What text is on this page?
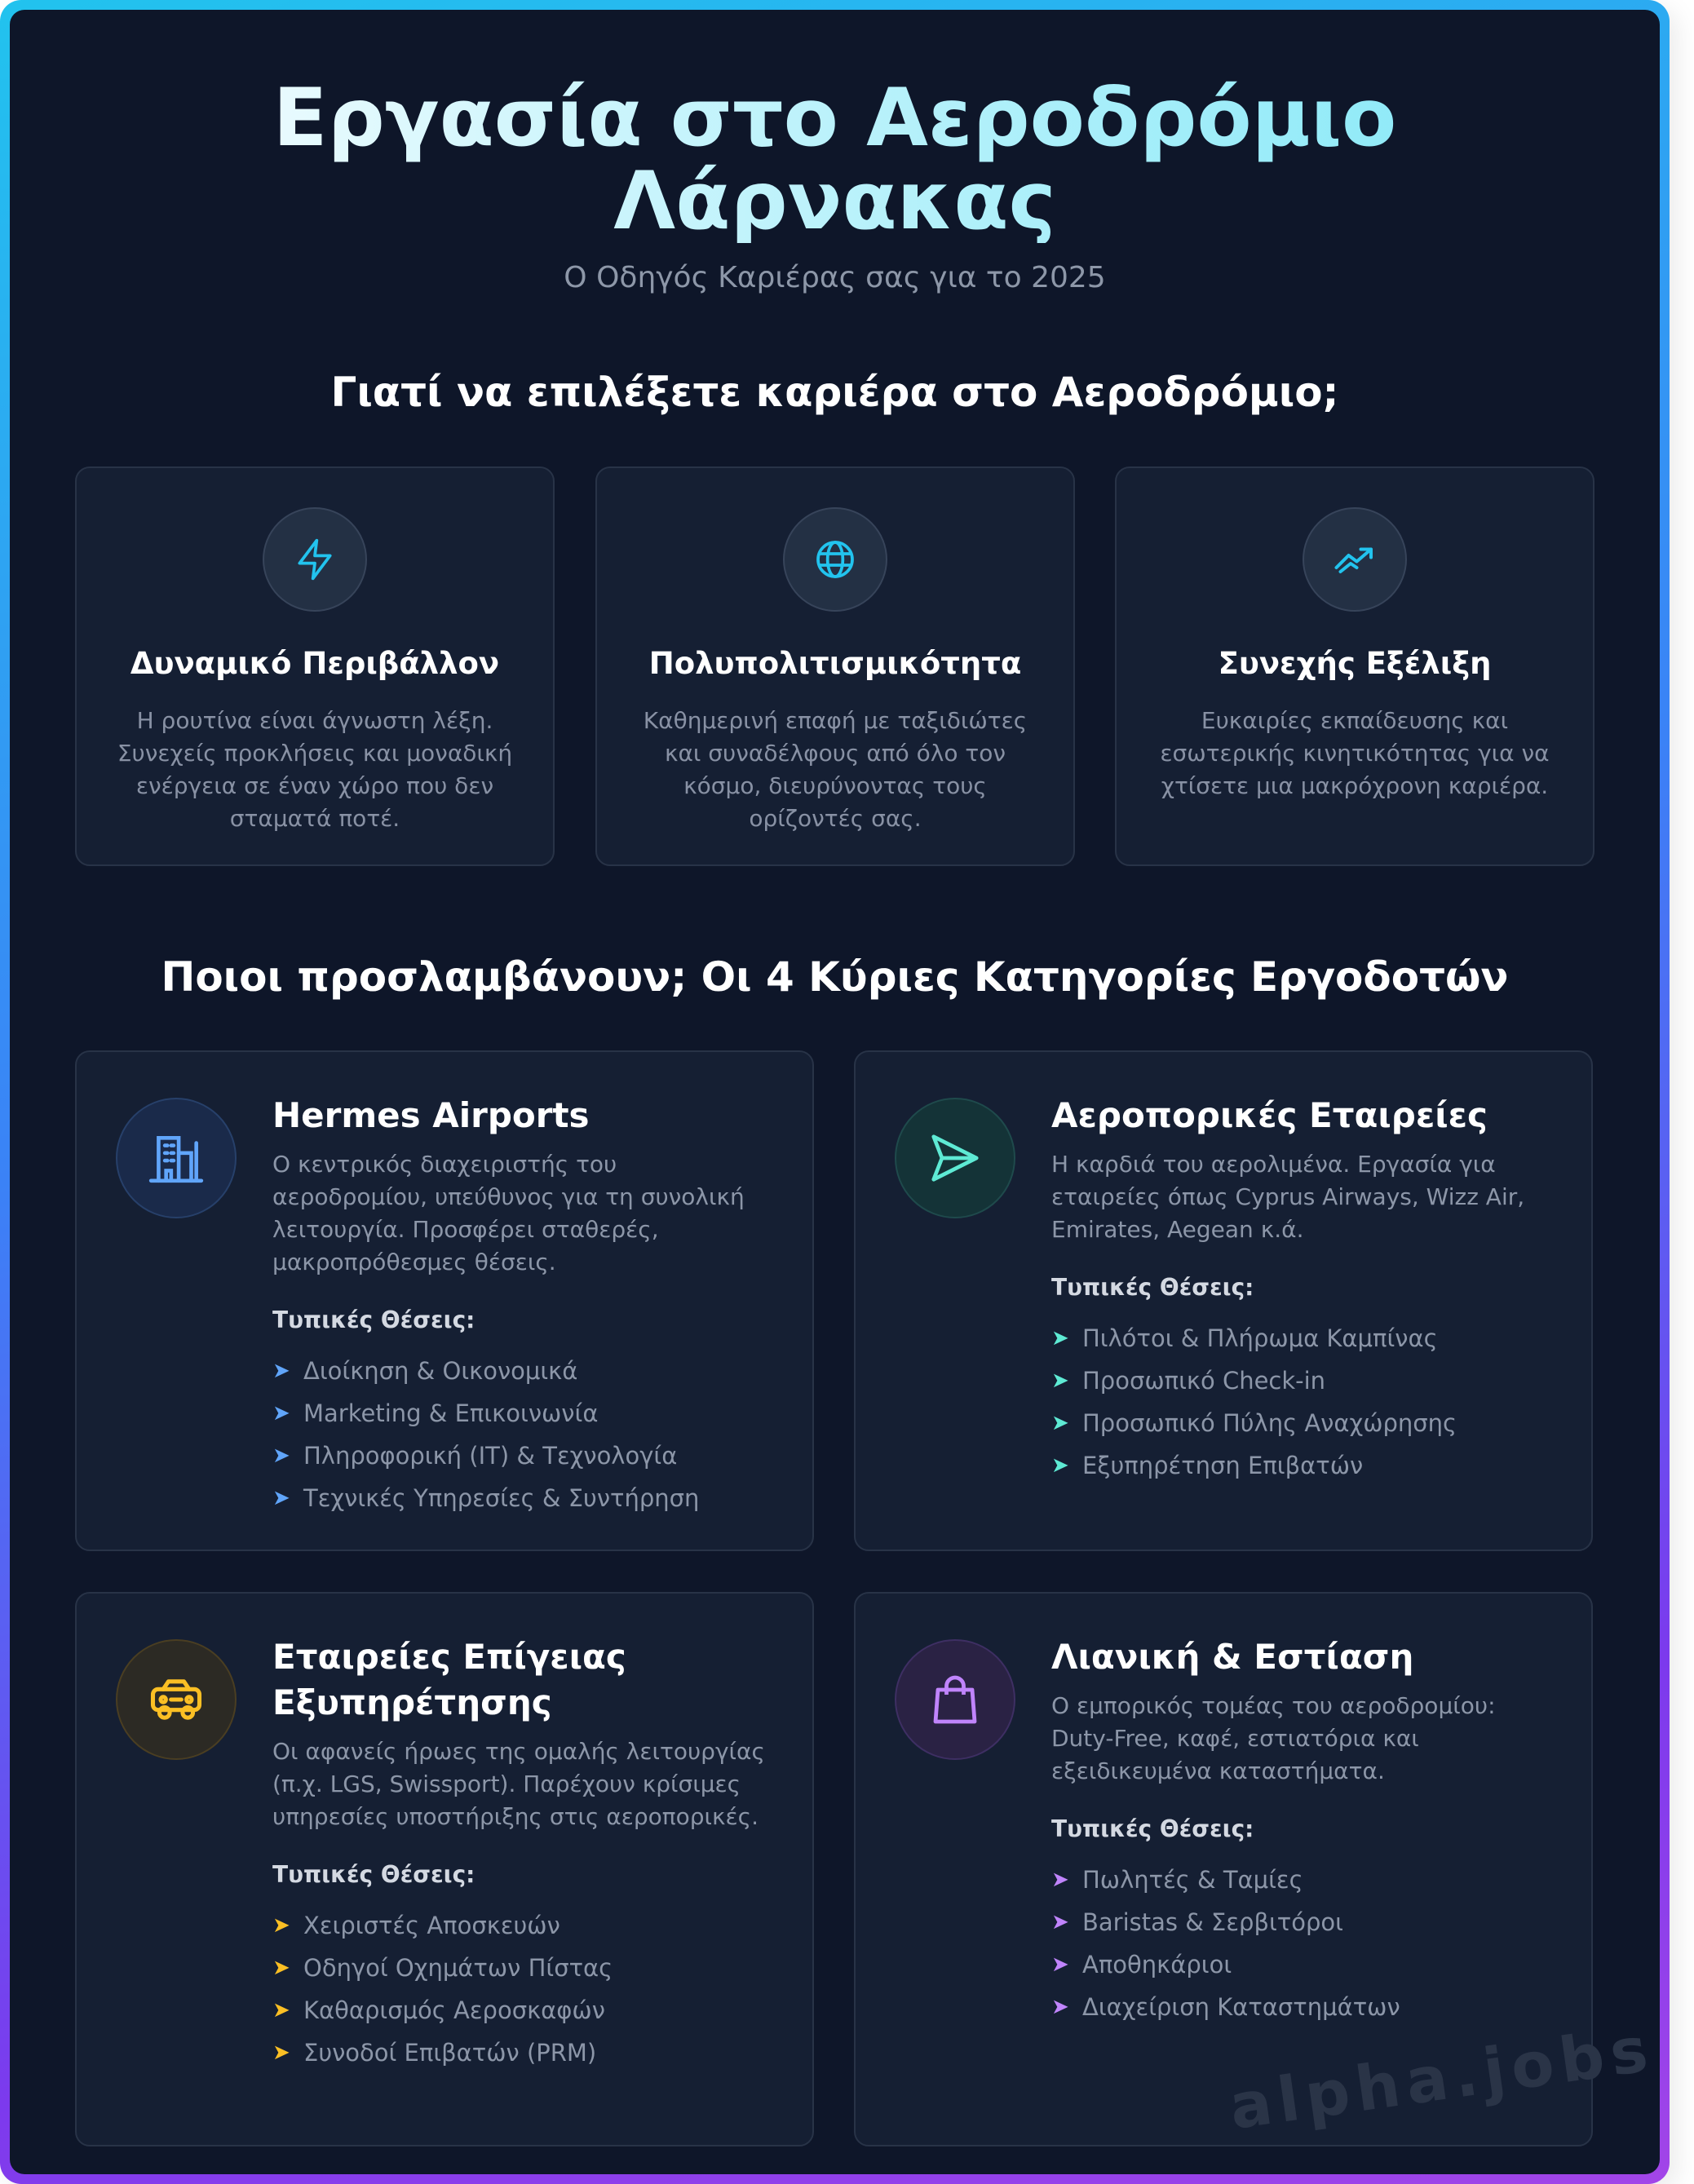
Εργασία στο Αεροδρόμιο
Λάρνακας
Ο Οδηγός Καριέρας σας για το 2025
Γιατί να επιλέξετε καριέρα στο Αεροδρόμιο;
Δυναμικό Περιβάλλον
Η ρουτίνα είναι άγνωστη λέξη. Συνεχείς προκλήσεις και μοναδική ενέργεια σε έναν χώρο που δεν σταματά ποτέ.
Πολυπολιτισμικότητα
Καθημερινή επαφή με ταξιδιώτες και συναδέλφους από όλο τον κόσμο, διευρύνοντας τους ορίζοντές σας.
Συνεχής Εξέλιξη
Ευκαιρίες εκπαίδευσης και εσωτερικής κινητικότητας για να χτίσετε μια μακρόχρονη καριέρα.
Ποιοι προσλαμβάνουν; Οι 4 Κύριες Κατηγορίες Εργοδοτών
Hermes Airports
Ο κεντρικός διαχειριστής του αεροδρομίου, υπεύθυνος για τη συνολική λειτουργία. Προσφέρει σταθερές, μακροπρόθεσμες θέσεις.
Τυπικές Θέσεις:
➤ Διοίκηση & Οικονομικά
➤ Marketing & Επικοινωνία
➤ Πληροφορική (IT) & Τεχνολογία
➤ Τεχνικές Υπηρεσίες & Συντήρηση
Αεροπορικές Εταιρείες
Η καρδιά του αερολιμένα. Εργασία για εταιρείες όπως Cyprus Airways, Wizz Air, Emirates, Aegean κ.ά.
Τυπικές Θέσεις:
➤ Πιλότοι & Πλήρωμα Καμπίνας
➤ Προσωπικό Check-in
➤ Προσωπικό Πύλης Αναχώρησης
➤ Εξυπηρέτηση Επιβατών
Εταιρείες Επίγειας Εξυπηρέτησης
Οι αφανείς ήρωες της ομαλής λειτουργίας (π.χ. LGS, Swissport). Παρέχουν κρίσιμες υπηρεσίες υποστήριξης στις αεροπορικές.
Τυπικές Θέσεις:
➤ Χειριστές Αποσκευών
➤ Οδηγοί Οχημάτων Πίστας
➤ Καθαρισμός Αεροσκαφών
➤ Συνοδοί Επιβατών (PRM)
Λιανική & Εστίαση
Ο εμπορικός τομέας του αεροδρομίου: Duty-Free, καφέ, εστιατόρια και εξειδικευμένα καταστήματα.
Τυπικές Θέσεις:
➤ Πωλητές & Ταμίες
➤ Baristas & Σερβιτόροι
➤ Αποθηκάριοι
➤ Διαχείριση Καταστημάτων
alpha.jobs
